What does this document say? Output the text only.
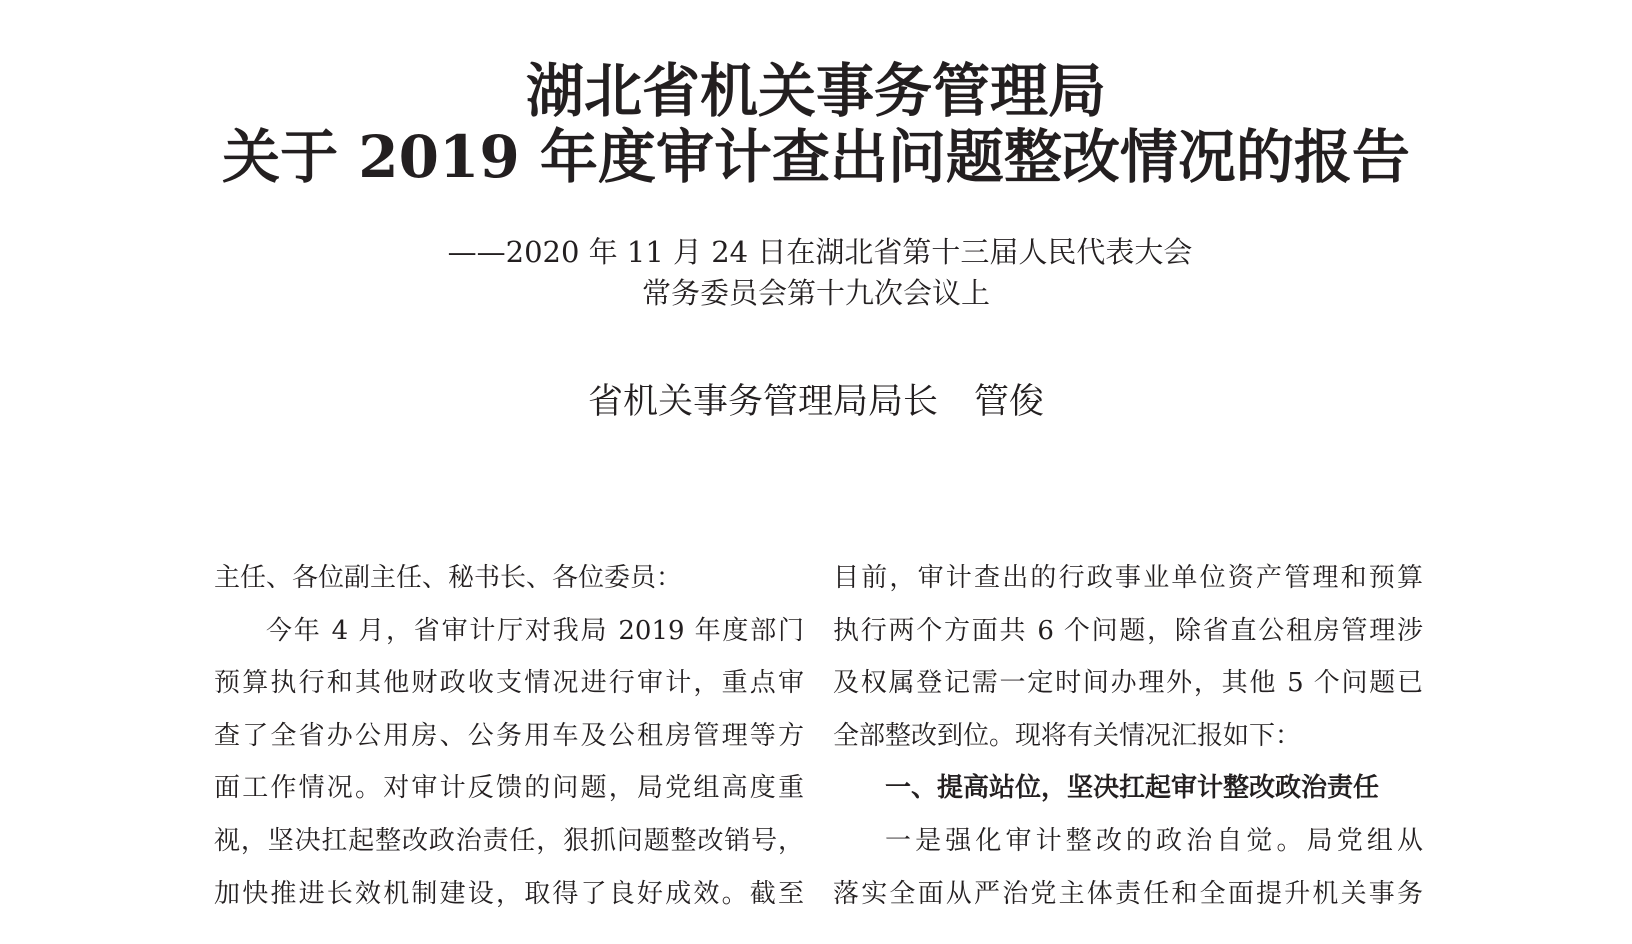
湖北省机关事务管理局
关于 2019 年度审计查出问题整改情况的报告
——2020 年 11 月 24 日在湖北省第十三届人民代表大会
常务委员会第十九次会议上
省机关事务管理局局长 管俊
主任、各位副主任、秘书长、各位委员：
今年 4 月，省审计厅对我局 2019 年度部门
预算执行和其他财政收支情况进行审计，重点审
查了全省办公用房、公务用车及公租房管理等方
面工作情况。对审计反馈的问题，局党组高度重
视，坚决扛起整改政治责任，狠抓问题整改销号，
加快推进长效机制建设，取得了良好成效。截至
目前，审计查出的行政事业单位资产管理和预算
执行两个方面共 6 个问题，除省直公租房管理涉
及权属登记需一定时间办理外，其他 5 个问题已
全部整改到位。现将有关情况汇报如下：
一、提高站位，坚决扛起审计整改政治责任
一是强化审计整改的政治自觉。局党组从
落实全面从严治党主体责任和全面提升机关事务
